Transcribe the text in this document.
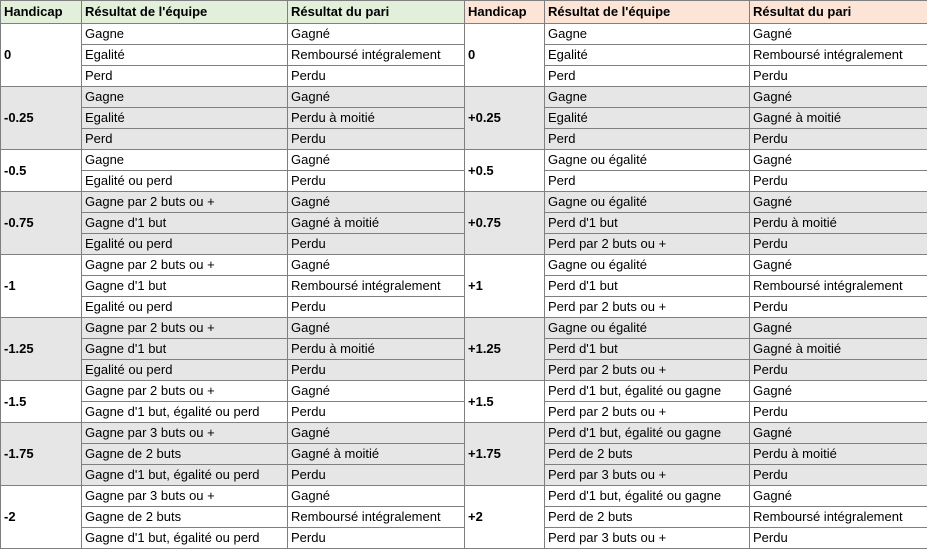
Handicap	Résultat de l'équipe	Résultat du pari	Handicap	Résultat de l'équipe	Résultat du pari
0	Gagne	Gagné	0	Gagne	Gagné
	Egalité	Remboursé intégralement		Egalité	Remboursé intégralement
	Perd	Perdu		Perd	Perdu
-0.25	Gagne	Gagné	+0.25	Gagne	Gagné
	Egalité	Perdu à moitié		Egalité	Gagné à moitié
	Perd	Perdu		Perd	Perdu
-0.5	Gagne	Gagné	+0.5	Gagne ou égalité	Gagné
	Egalité ou perd	Perdu		Perd	Perdu
-0.75	Gagne par 2 buts ou +	Gagné	+0.75	Gagne ou égalité	Gagné
	Gagne d'1 but	Gagné à moitié		Perd d'1 but	Perdu à moitié
	Egalité ou perd	Perdu		Perd par 2 buts ou +	Perdu
-1	Gagne par 2 buts ou +	Gagné	+1	Gagne ou égalité	Gagné
	Gagne d'1 but	Remboursé intégralement		Perd d'1 but	Remboursé intégralement
	Egalité ou perd	Perdu		Perd par 2 buts ou +	Perdu
-1.25	Gagne par 2 buts ou +	Gagné	+1.25	Gagne ou égalité	Gagné
	Gagne d'1 but	Perdu à moitié		Perd d'1 but	Gagné à moitié
	Egalité ou perd	Perdu		Perd par 2 buts ou +	Perdu
-1.5	Gagne par 2 buts ou +	Gagné	+1.5	Perd d'1 but, égalité ou gagne	Gagné
	Gagne d'1 but, égalité ou perd	Perdu		Perd par 2 buts ou +	Perdu
-1.75	Gagne par 3 buts ou +	Gagné	+1.75	Perd d'1 but, égalité ou gagne	Gagné
	Gagne de 2 buts	Gagné à moitié		Perd de 2 buts	Perdu à moitié
	Gagne d'1 but, égalité ou perd	Perdu		Perd par 3 buts ou +	Perdu
-2	Gagne par 3 buts ou +	Gagné	+2	Perd d'1 but, égalité ou gagne	Gagné
	Gagne de 2 buts	Remboursé intégralement		Perd de 2 buts	Remboursé intégralement
	Gagne d'1 but, égalité ou perd	Perdu		Perd par 3 buts ou +	Perdu
